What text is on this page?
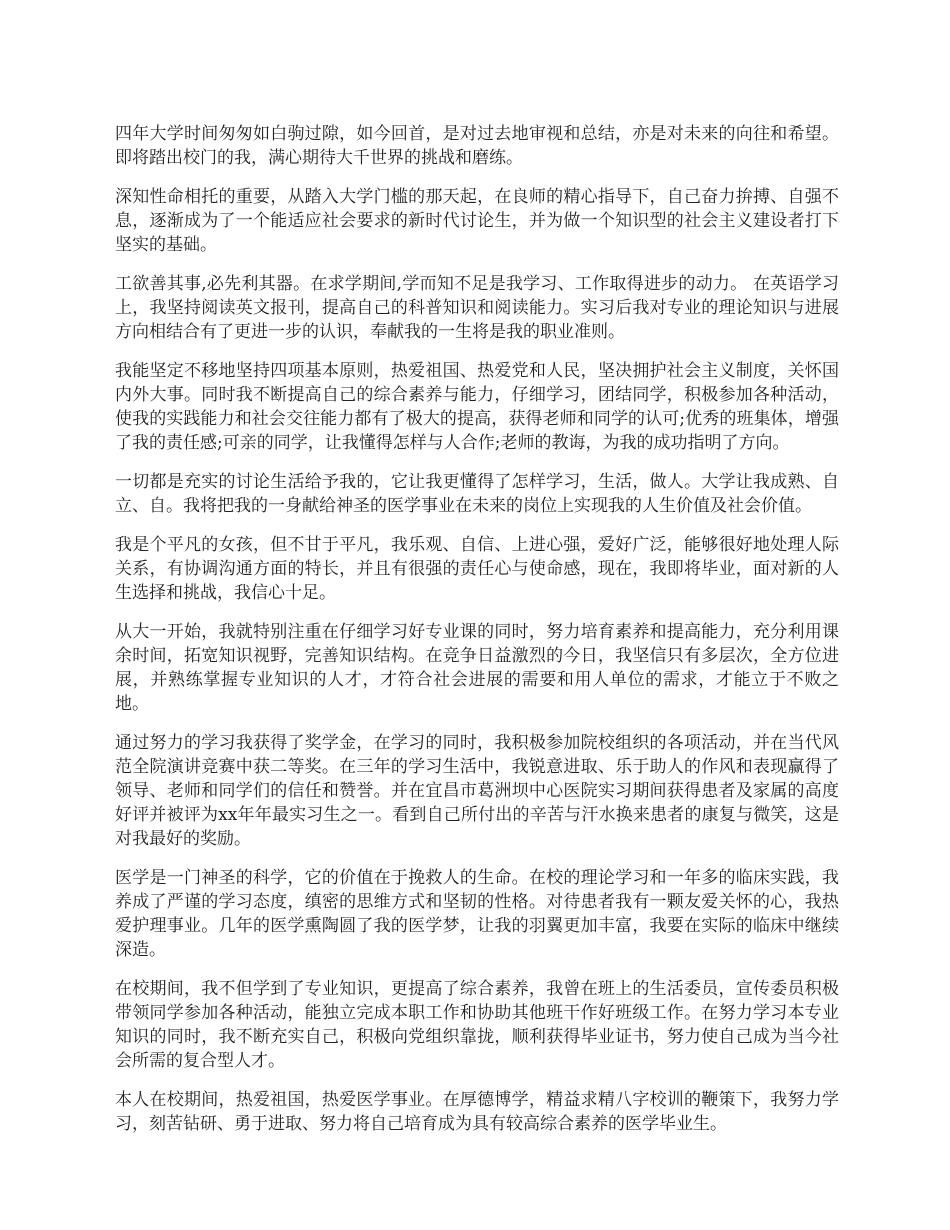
四年大学时间匆匆如白驹过隙，如今回首，是对过去地审视和总结，亦是对未来的向往和希望。即将踏出校门的我，满心期待大千世界的挑战和磨练。

深知性命相托的重要，从踏入大学门槛的那天起，在良师的精心指导下，自己奋力拚搏、自强不息，逐渐成为了一个能适应社会要求的新时代讨论生，并为做一个知识型的社会主义建设者打下坚实的基础。

工欲善其事,必先利其器。在求学期间,学而知不足是我学习、工作取得进步的动力。 在英语学习上，我坚持阅读英文报刊，提高自己的科普知识和阅读能力。实习后我对专业的理论知识与进展方向相结合有了更进一步的认识，奉献我的一生将是我的职业准则。

我能坚定不移地坚持四项基本原则，热爱祖国、热爱党和人民，坚决拥护社会主义制度，关怀国内外大事。同时我不断提高自己的综合素养与能力，仔细学习，团结同学，积极参加各种活动，使我的实践能力和社会交往能力都有了极大的提高，获得老师和同学的认可;优秀的班集体，增强了我的责任感;可亲的同学，让我懂得怎样与人合作;老师的教诲，为我的成功指明了方向。

一切都是充实的讨论生活给予我的，它让我更懂得了怎样学习，生活，做人。大学让我成熟、自立、自。我将把我的一身献给神圣的医学事业在未来的岗位上实现我的人生价值及社会价值。

我是个平凡的女孩，但不甘于平凡，我乐观、自信、上进心强，爱好广泛，能够很好地处理人际关系，有协调沟通方面的特长，并且有很强的责任心与使命感，现在，我即将毕业，面对新的人生选择和挑战，我信心十足。

从大一开始，我就特别注重在仔细学习好专业课的同时，努力培育素养和提高能力，充分利用课余时间，拓宽知识视野，完善知识结构。在竞争日益激烈的今日，我坚信只有多层次，全方位进展，并熟练掌握专业知识的人才，才符合社会进展的需要和用人单位的需求，才能立于不败之地。

通过努力的学习我获得了奖学金，在学习的同时，我积极参加院校组织的各项活动，并在当代风范全院演讲竞赛中获二等奖。在三年的学习生活中，我锐意进取、乐于助人的作风和表现赢得了领导、老师和同学们的信任和赞誉。并在宜昌市葛洲坝中心医院实习期间获得患者及家属的高度好评并被评为xx年年最实习生之一。看到自己所付出的辛苦与汗水换来患者的康复与微笑，这是对我最好的奖励。

医学是一门神圣的科学，它的价值在于挽救人的生命。在校的理论学习和一年多的临床实践，我养成了严谨的学习态度，缜密的思维方式和坚韧的性格。对待患者我有一颗友爱关怀的心，我热爱护理事业。几年的医学熏陶圆了我的医学梦，让我的羽翼更加丰富，我要在实际的临床中继续深造。

在校期间，我不但学到了专业知识，更提高了综合素养，我曾在班上的生活委员，宣传委员积极带领同学参加各种活动，能独立完成本职工作和协助其他班干作好班级工作。在努力学习本专业知识的同时，我不断充实自己，积极向党组织靠拢，顺利获得毕业证书，努力使自己成为当今社会所需的复合型人才。

本人在校期间，热爱祖国，热爱医学事业。在厚德博学，精益求精八字校训的鞭策下，我努力学习，刻苦钻研、勇于进取、努力将自己培育成为具有较高综合素养的医学毕业生。
